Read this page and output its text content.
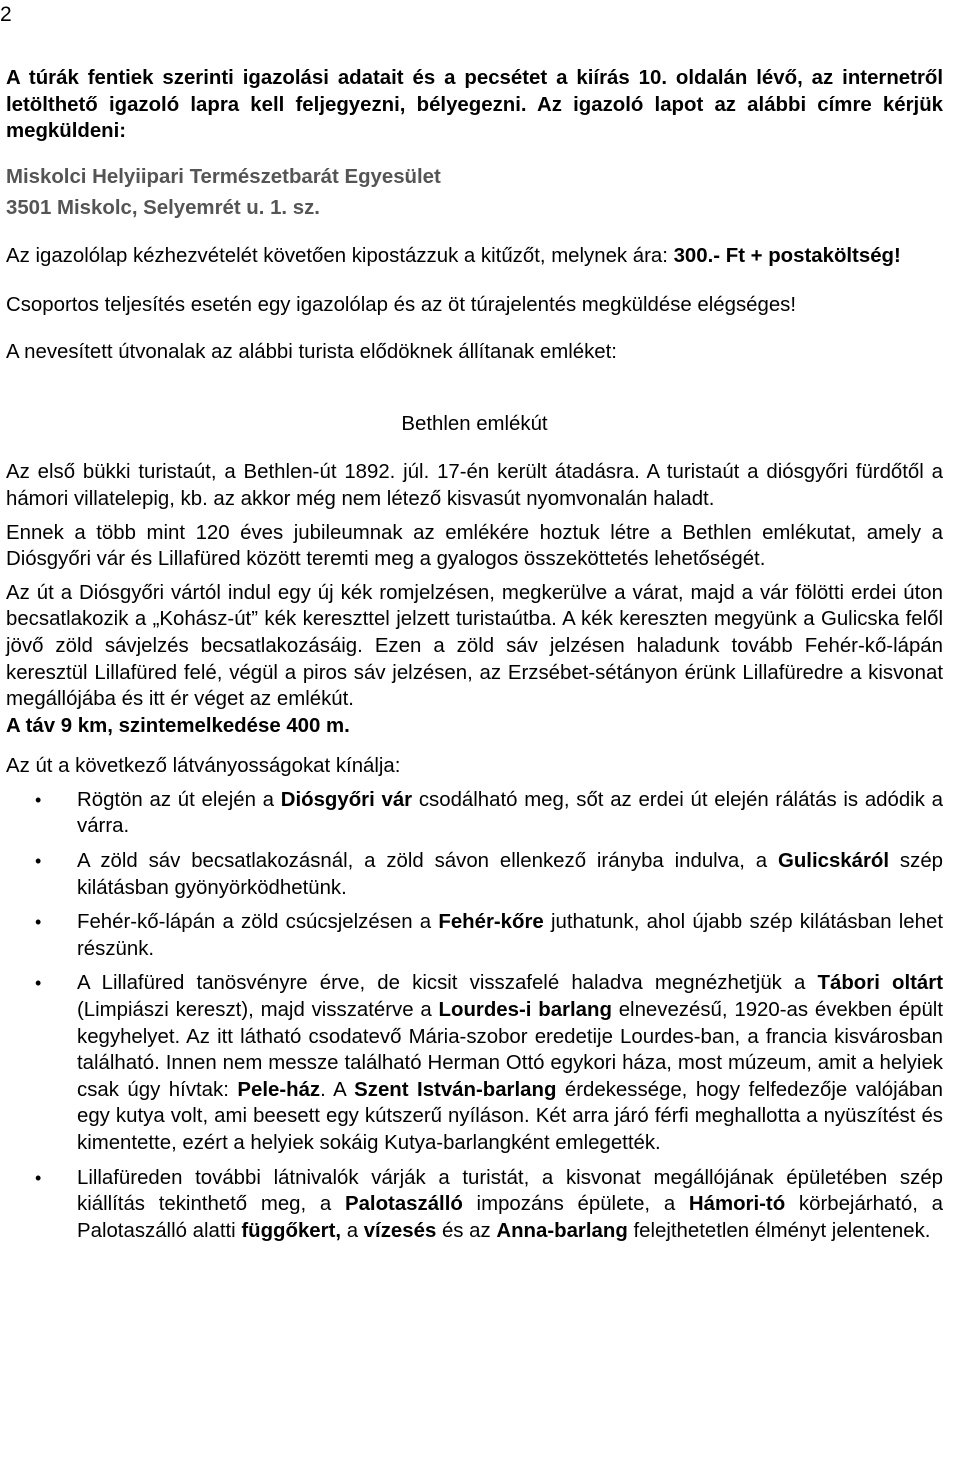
2

A túrák fentiek szerinti igazolási adatait és a pecsétet a kiírás 10. oldalán lévő, az internetről letölthető igazoló lapra kell feljegyezni, bélyegezni. Az igazoló lapot az alábbi címre kérjük megküldeni:

Miskolci Helyiipari Természetbarát Egyesület

3501 Miskolc, Selyemrét u. 1. sz.

Az igazolólap kézhezvételét követően kipostázzuk a kitűzőt, melynek ára: 300.- Ft + postaköltség!

Csoportos teljesítés esetén egy igazolólap és az öt túrajelentés megküldése elégséges!

A nevesített útvonalak az alábbi turista elődöknek állítanak emléket:

Bethlen emlékút

Az első bükki turistaút, a Bethlen-út 1892. júl. 17-én került átadásra. A turistaút a diósgyőri fürdőtől a hámori villatelepig, kb. az akkor még nem létező kisvasút nyomvonalán haladt.

Ennek a több mint 120 éves jubileumnak az emlékére hoztuk létre a Bethlen emlékutat, amely a Diósgyőri vár és Lillafüred között teremti meg a gyalogos összeköttetés lehetőségét.

Az út a Diósgyőri vártól indul egy új kék romjelzésen, megkerülve a várat, majd a vár fölötti erdei úton becsatlakozik a „Kohász-út” kék kereszttel jelzett turistaútba. A kék kereszten megyünk a Gulicska felől jövő zöld sávjelzés becsatlakozásáig. Ezen a zöld sáv jelzésen haladunk tovább Fehér-kő-lápán keresztül Lillafüred felé, végül a piros sáv jelzésen, az Erzsébet-sétányon érünk Lillafüredre a kisvonat megállójába és itt ér véget az emlékút.

A táv 9 km, szintemelkedése 400 m.

Az út a következő látványosságokat kínálja:

• Rögtön az út elején a Diósgyőri vár csodálható meg, sőt az erdei út elején rálátás is adódik a várra.
• A zöld sáv becsatlakozásnál, a zöld sávon ellenkező irányba indulva, a Gulicskáról szép kilátásban gyönyörködhetünk.
• Fehér-kő-lápán a zöld csúcsjelzésen a Fehér-kőre juthatunk, ahol újabb szép kilátásban lehet részünk.
• A Lillafüred tanösvényre érve, de kicsit visszafelé haladva megnézhetjük a Tábori oltárt (Limpiászi kereszt), majd visszatérve a Lourdes-i barlang elnevezésű, 1920-as években épült kegyhelyet. Az itt látható csodatevő Mária-szobor eredetije Lourdes-ban, a francia kisvárosban található. Innen nem messze található Herman Ottó egykori háza, most múzeum, amit a helyiek csak úgy hívtak: Pele-ház. A Szent István-barlang érdekessége, hogy felfedezője valójában egy kutya volt, ami beesett egy kútszerű nyíláson. Két arra járó férfi meghallotta a nyüszítést és kimentette, ezért a helyiek sokáig Kutya-barlangként emlegették.
• Lillafüreden további látnivalók várják a turistát, a kisvonat megállójának épületében szép kiállítás tekinthető meg, a Palotaszálló impozáns épülete, a Hámori-tó körbejárható, a Palotaszálló alatti függőkert, a vízesés és az Anna-barlang felejthetetlen élményt jelentenek.
